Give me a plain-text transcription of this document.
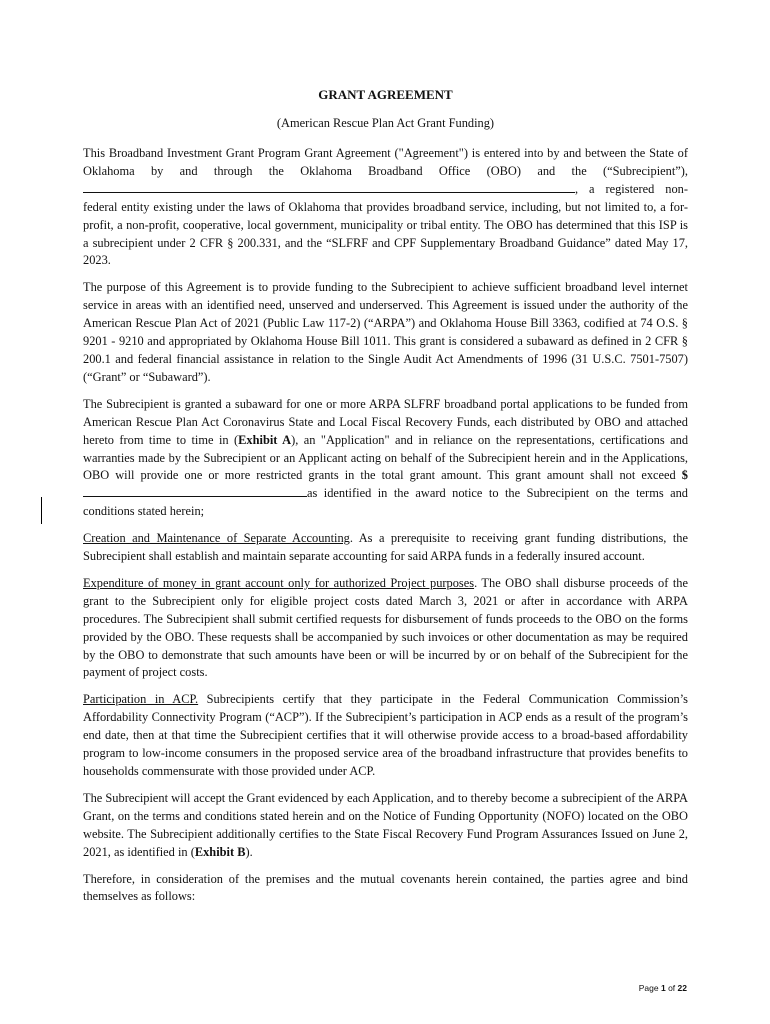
GRANT AGREEMENT
(American Rescue Plan Act Grant Funding)

This Broadband Investment Grant Program Grant Agreement ("Agreement") is entered into by and between the State of Oklahoma by and through the Oklahoma Broadband Office (OBO) and the (“Subrecipient”),, a registered non-federal entity existing under the laws of Oklahoma that provides broadband service, including, but not limited to, a for-profit, a non-profit, cooperative, local government, municipality or tribal entity. The OBO has determined that this ISP is a subrecipient under 2 CFR § 200.331, and the “SLFRF and CPF Supplementary Broadband Guidance” dated May 17, 2023.

The purpose of this Agreement is to provide funding to the Subrecipient to achieve sufficient broadband level internet service in areas with an identified need, unserved and underserved. This Agreement is issued under the authority of the American Rescue Plan Act of 2021 (Public Law 117-2) (“ARPA”) and Oklahoma House Bill 3363, codified at 74 O.S. § 9201 - 9210 and appropriated by Oklahoma House Bill 1011. This grant is considered a subaward as defined in 2 CFR § 200.1 and federal financial assistance in relation to the Single Audit Act Amendments of 1996 (31 U.S.C. 7501-7507) (“Grant” or “Subaward”).

The Subrecipient is granted a subaward for one or more ARPA SLFRF broadband portal applications to be funded from American Rescue Plan Act Coronavirus State and Local Fiscal Recovery Funds, each distributed by OBO and attached hereto from time to time in (Exhibit A), an "Application" and in reliance on the representations, certifications and warranties made by the Subrecipient or an Applicant acting on behalf of the Subrecipient herein and in the Applications, OBO will provide one or more restricted grants in the total grant amount. This grant amount shall not exceed $as identified in the award notice to the Subrecipient on the terms and conditions stated herein;

Creation and Maintenance of Separate Accounting. As a prerequisite to receiving grant funding distributions, the Subrecipient shall establish and maintain separate accounting for said ARPA funds in a federally insured account.

Expenditure of money in grant account only for authorized Project purposes. The OBO shall disburse proceeds of the grant to the Subrecipient only for eligible project costs dated March 3, 2021 or after in accordance with ARPA procedures. The Subrecipient shall submit certified requests for disbursement of funds proceeds to the OBO on the forms provided by the OBO. These requests shall be accompanied by such invoices or other documentation as may be required by the OBO to demonstrate that such amounts have been or will be incurred by or on behalf of the Subrecipient for the payment of project costs.

Participation in ACP. Subrecipients certify that they participate in the Federal Communication Commission’s Affordability Connectivity Program (“ACP”). If the Subrecipient’s participation in ACP ends as a result of the program’s end date, then at that time the Subrecipient certifies that it will otherwise provide access to a broad-based affordability program to low-income consumers in the proposed service area of the broadband infrastructure that provides benefits to households commensurate with those provided under ACP.

The Subrecipient will accept the Grant evidenced by each Application, and to thereby become a subrecipient of the ARPA Grant, on the terms and conditions stated herein and on the Notice of Funding Opportunity (NOFO) located on the OBO website. The Subrecipient additionally certifies to the State Fiscal Recovery Fund Program Assurances Issued on June 2, 2021, as identified in (Exhibit B).

Therefore, in consideration of the premises and the mutual covenants herein contained, the parties agree and bind themselves as follows:

Page 1 of 22
